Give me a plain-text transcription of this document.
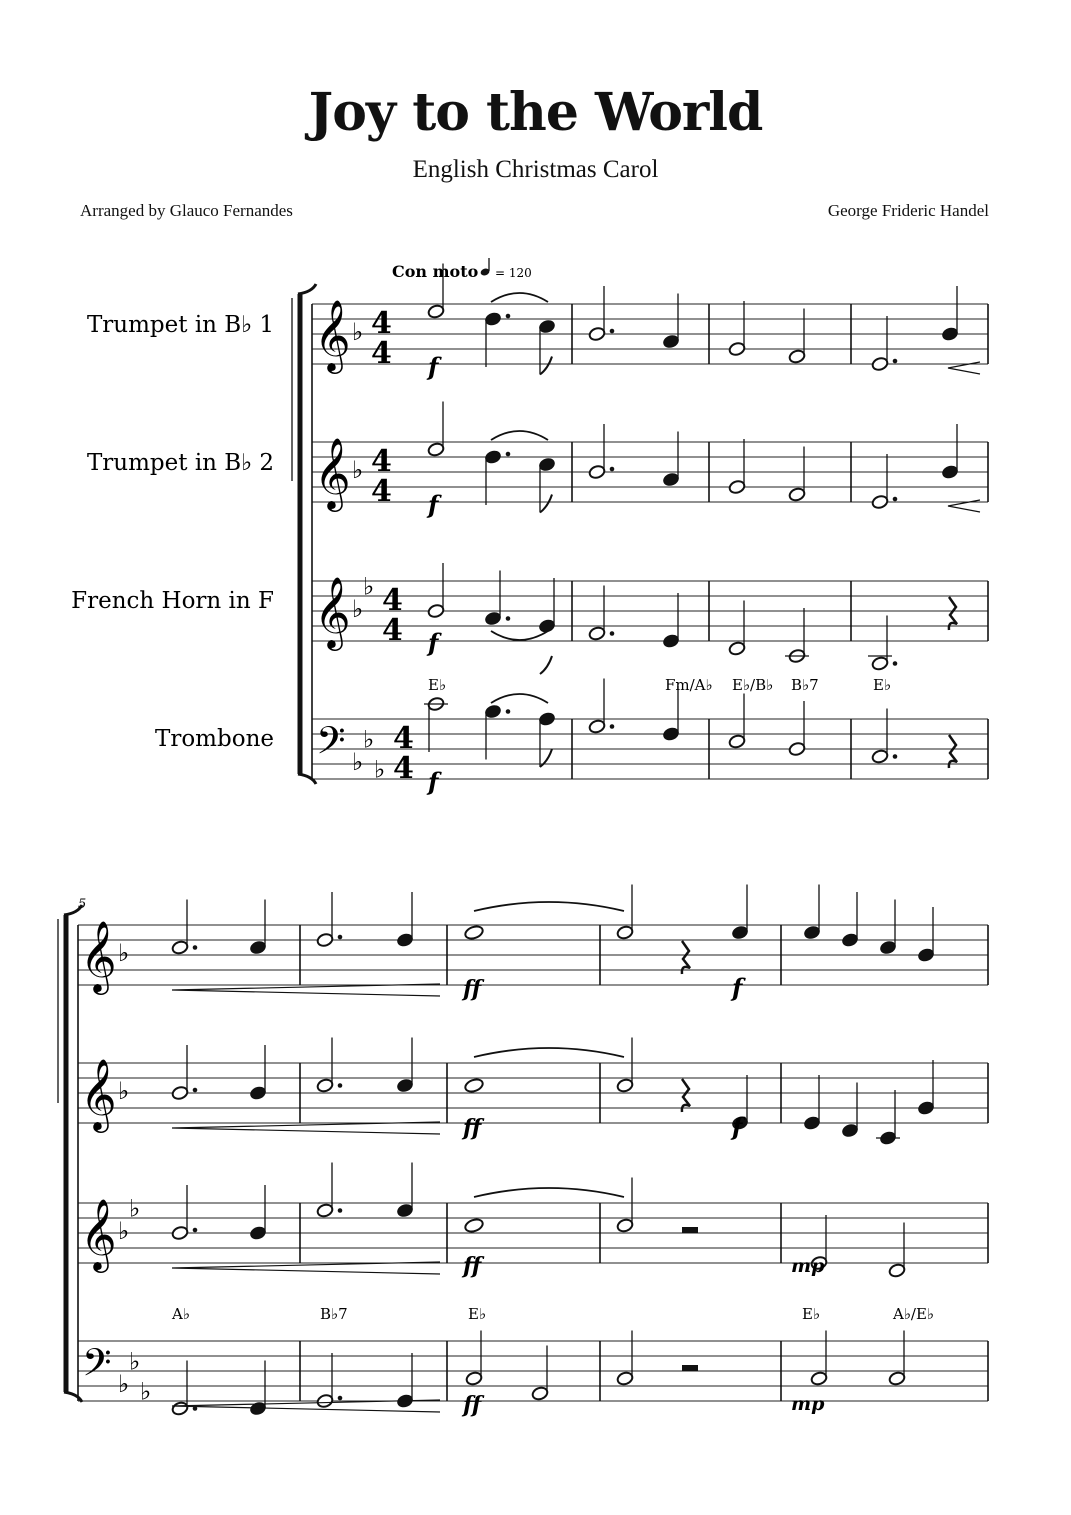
Joy to the World
English Christmas Carol
Arranged by Glauco Fernandes	George Frideric Handel
𝄞 ♭ 4
4
𝄞 ♭ 4
4
𝄞 ♭
♭ 4
4
𝄢 ♭
♭
♭
4
4
𝄞 ♭
𝄞 ♭
𝄞 ♭
♭
𝄢 ♭
♭
♭
Con moto = 120
Trumpet in B♭ 1
Trumpet in B♭ 2
French Horn in F
Trombone
5
E♭	Fm/A♭ E♭/B♭ B♭7	E♭
A♭	B♭7	E♭	E♭	A♭/E♭
f
f
f
f
ff	f
ff	f
ff	mp
ff	mp
